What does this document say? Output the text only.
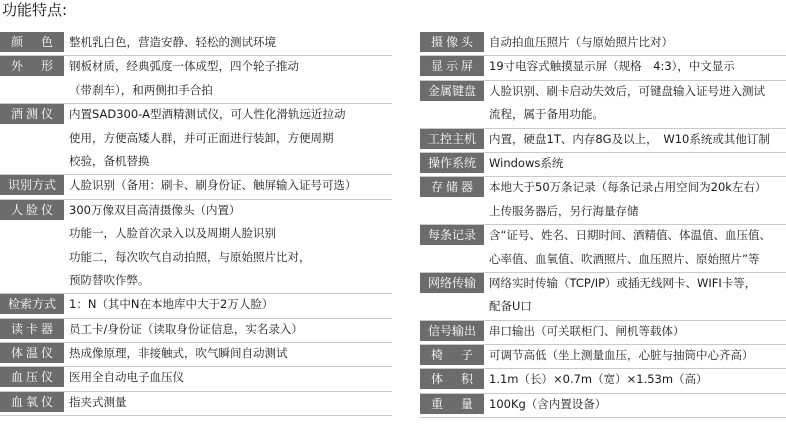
功能特点:
颜　色	整机乳白色，营造安静、轻松的测试环境
外　形	钢板材质，经典弧度一体成型，四个轮子推动
（带刹车），和两侧扣手合拍
酒测仪	内置SAD300-A型酒精测试仪，可人性化滑轨远近拉动
使用，方便高矮人群，并可正面进行装卸，方便周期
校验，备机替换
识别方式	人脸识别（备用：刷卡、刷身份证、触屏输入证号可选）
人脸仪	300万像双目高清摄像头（内置）
功能一，人脸首次录入以及周期人脸识别
功能二，每次吹气自动拍照，与原始照片比对，
预防替吹作弊。
检索方式	1：N（其中N在本地库中大于2万人脸）
读卡器	员工卡/身份证（读取身份证信息，实名录入）
体温仪	热成像原理，非接触式，吹气瞬间自动测试
血压仪	医用全自动电子血压仪
血氧仪	指夹式测量
摄像头	自动拍血压照片（与原始照片比对）
显示屏	19寸电容式触摸显示屏（规格　4:3），中文显示
金属键盘	人脸识别、刷卡启动失效后，可键盘输入证号进入测试
流程，属于备用功能。
工控主机	内置，硬盘1T、内存8G及以上，　W10系统或其他订制
操作系统	Windows系统
存储器	本地大于50万条记录（每条记录占用空间为20k左右）
上传服务器后，另行海量存储
每条记录	含“证号、姓名、日期时间、酒精值、体温值、血压值、
心率值、血氧值、吹酒照片、血压照片、原始照片”等
网络传输	网络实时传输（TCP/IP）或插无线网卡、WIFI卡等，
配备U口
信号输出	串口输出（可关联柜门、闸机等载体）
椅　子	可调节高低（坐上测量血压，心脏与抽筒中心齐高）
体　积	1.1m（长）×0.7m（宽）×1.53m（高）
重　量	100Kg（含内置设备）
